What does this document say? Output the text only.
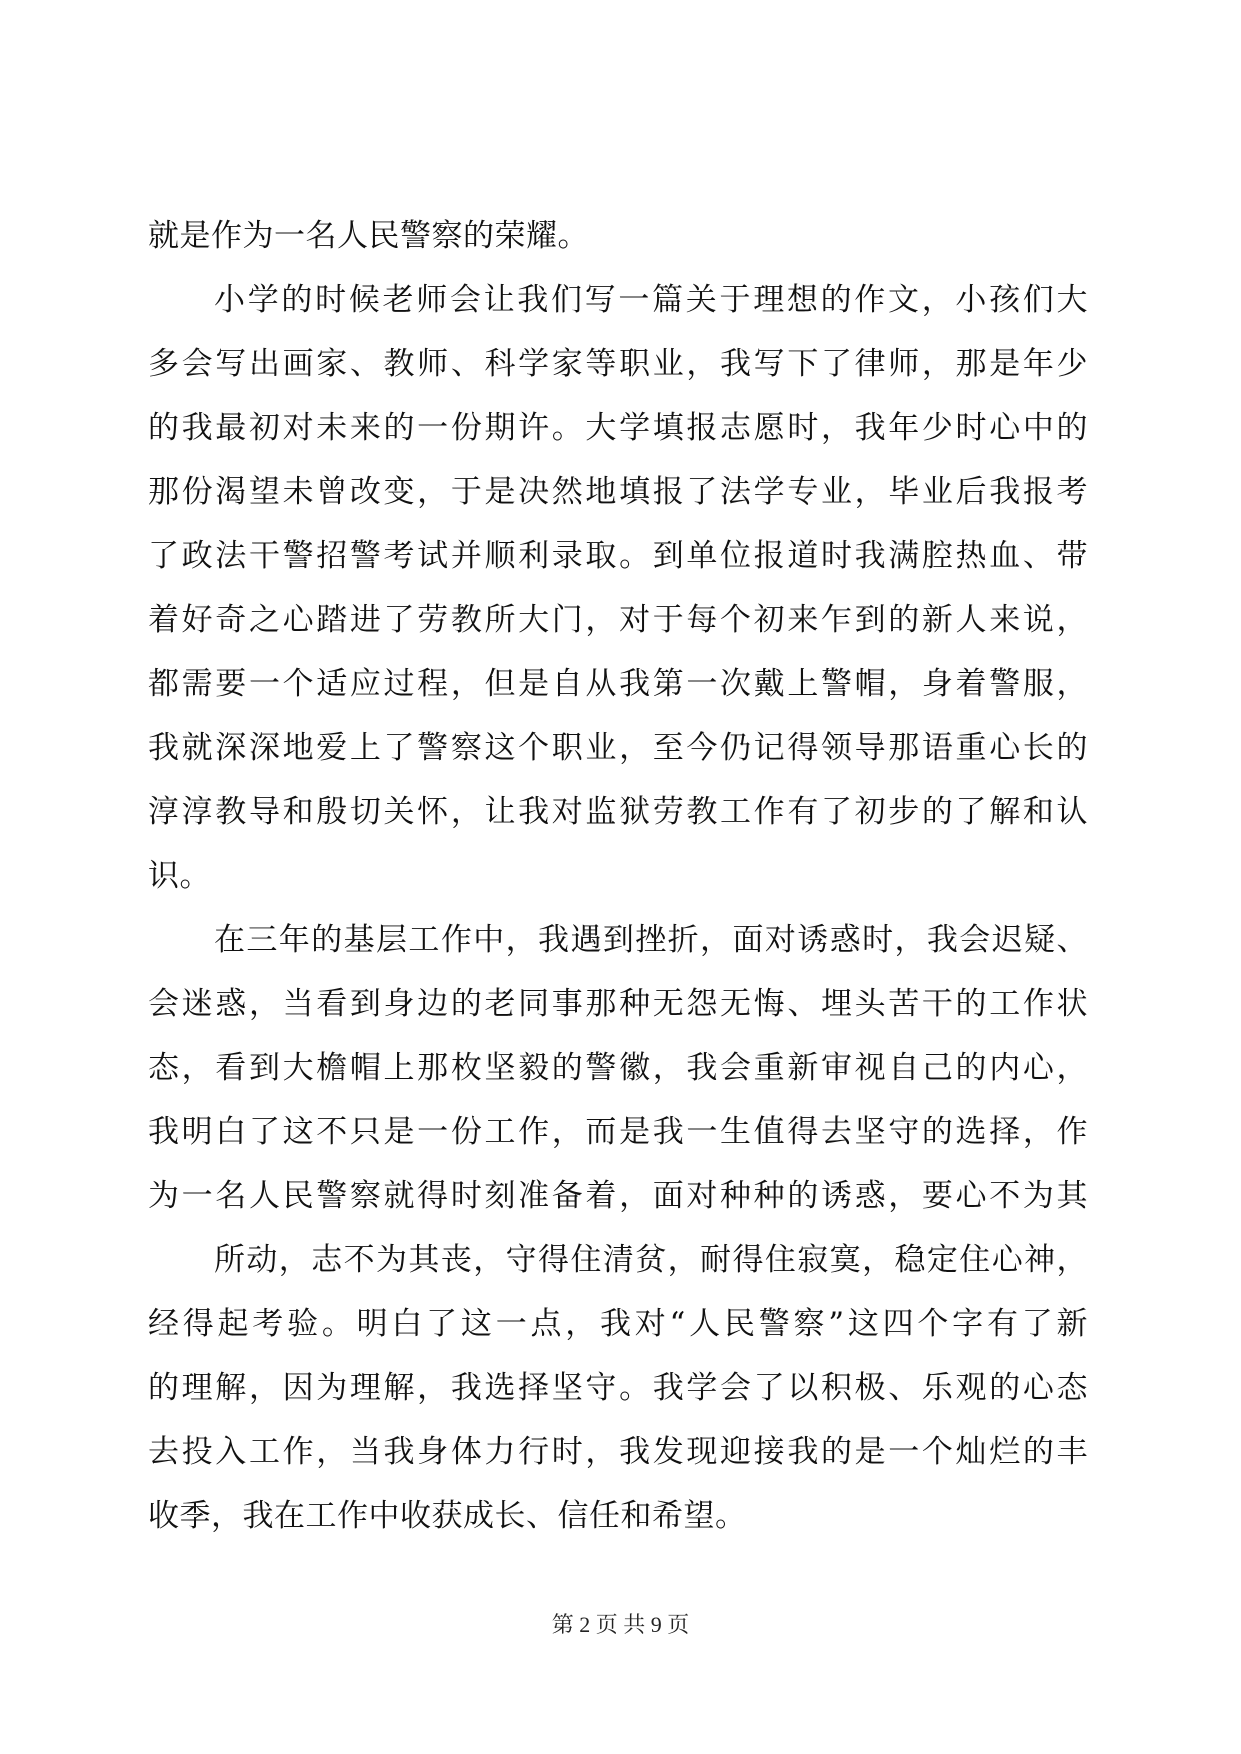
就是作为一名人民警察的荣耀。
小学的时候老师会让我们写一篇关于理想的作文，小孩们大
多会写出画家、教师、科学家等职业，我写下了律师，那是年少
的我最初对未来的一份期许。大学填报志愿时，我年少时心中的
那份渴望未曾改变，于是决然地填报了法学专业，毕业后我报考
了政法干警招警考试并顺利录取。到单位报道时我满腔热血、带
着好奇之心踏进了劳教所大门，对于每个初来乍到的新人来说，
都需要一个适应过程，但是自从我第一次戴上警帽，身着警服，
我就深深地爱上了警察这个职业，至今仍记得领导那语重心长的
淳淳教导和殷切关怀，让我对监狱劳教工作有了初步的了解和认
识。
在三年的基层工作中，我遇到挫折，面对诱惑时，我会迟疑、
会迷惑，当看到身边的老同事那种无怨无悔、埋头苦干的工作状
态，看到大檐帽上那枚坚毅的警徽，我会重新审视自己的内心，
我明白了这不只是一份工作，而是我一生值得去坚守的选择，作
为一名人民警察就得时刻准备着，面对种种的诱惑，要心不为其
所动，志不为其丧，守得住清贫，耐得住寂寞，稳定住心神，
经得起考验。明白了这一点，我对“人民警察”这四个字有了新
的理解，因为理解，我选择坚守。我学会了以积极、乐观的心态
去投入工作，当我身体力行时，我发现迎接我的是一个灿烂的丰
收季，我在工作中收获成长、信任和希望。
第 2 页 共 9 页
